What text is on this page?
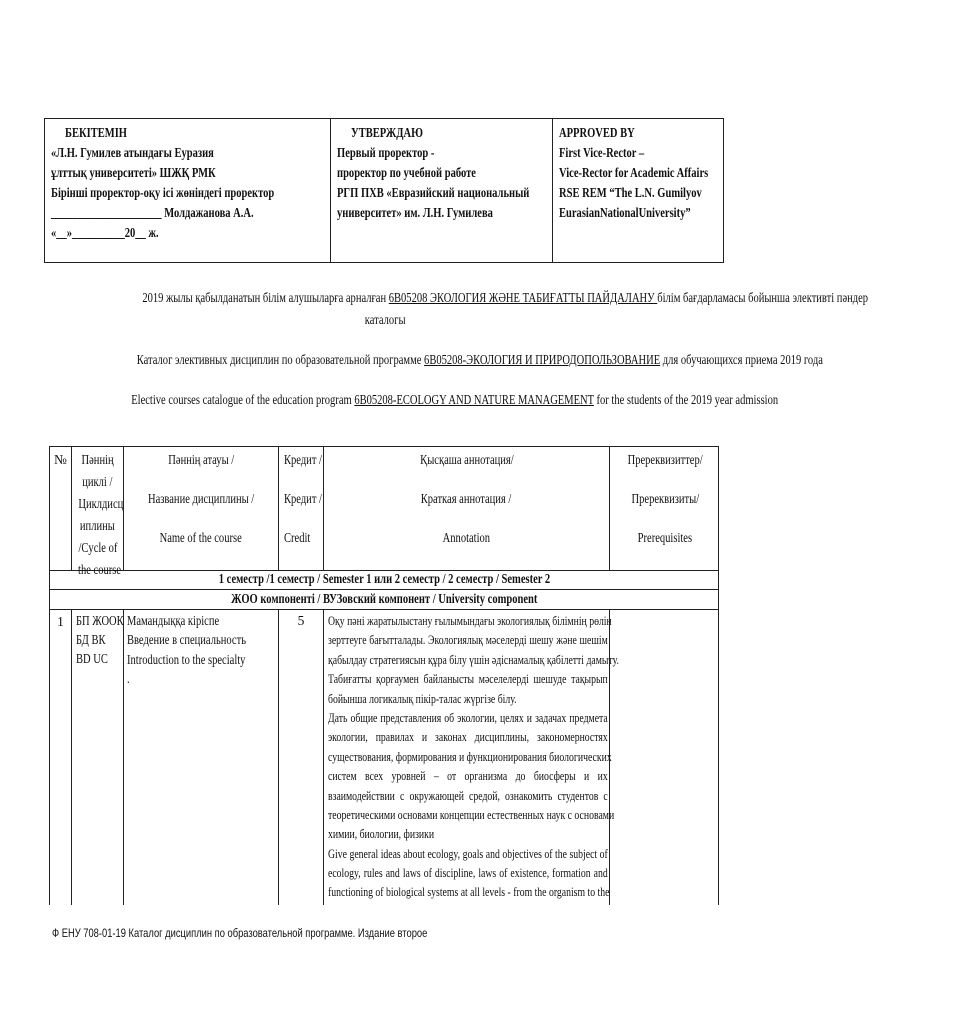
БЕКІТЕМІН
«Л.Н. Гумилев атындағы Еуразия
ұлттық университеті» ШЖҚ РМК
Бірінші проректор-оқу ісі жөніндегі проректор
_____________________ Молдажанова А.А.
«__»__________20__ ж.
УТВЕРЖДАЮ
Первый проректор -
проректор по учебной работе
РГП ПХВ «Евразийский национальный
университет» им. Л.Н. Гумилева
APPROVED BY
First Vice-Rector –
Vice-Rector for Academic Affairs
RSE REM “The L.N. Gumilyov
EurasianNationalUniversity”
2019 жылы қабылданатын білім алушыларға арналған 6В05208 ЭКОЛОГИЯ ЖӘНЕ ТАБИҒАТТЫ ПАЙДАЛАНУ білім бағдарламасы бойынша элективті пәндер
каталогы
Каталог элективных дисциплин по образовательной программе 6В05208-ЭКОЛОГИЯ И ПРИРОДОПОЛЬЗОВАНИЕ для обучающихся приема 2019 года
Elective courses catalogue of the education program 6В05208-ECOLOGY AND NATURE MANAGEMENT for the students of the 2019 year admission
№	Пәннің
циклі /
Циклдисц
иплины
/Cycle of
the course
Пәннің атауы /
Название дисциплины /
Name of the course
Кредит /
Кредит /
Credit
Қысқаша аннотация/
Краткая аннотация /
Annotation
Пререквизиттер/
Пререквизиты/
Prerequisites
1 семестр /1 семестр / Semester 1 или 2 семестр / 2 семестр / Semester 2
ЖОО компоненті / ВУЗовский компонент / University component
1 БП ЖООК
БД ВК
BD UC
Мамандыққа кіріспе
Введение в специальность
Introduction to the specialty
.
5	Оқу пәні жаратылыстану ғылымындағы экологиялық білімнің рөлін
зерттеуге бағытталады. Экологиялық мәселерді шешу және шешім
қабылдау стратегиясын құра білу үшін әдіснамалық қабілетті дамыту.
Табиғатты қорғаумен байланысты мәселелерді шешуде тақырып
бойынша логикалық пікір-талас жүргізе білу.
Дать общие представления об экологии, целях и задачах предмета
экологии, правилах и законах дисциплины, закономерностях
существования, формирования и функционирования биологических
систем всех уровней – от организма до биосферы и их
взаимодействии с окружающей средой, ознакомить студентов с
теоретическими основами концепции естественных наук с основами
химии, биологии, физики
Give general ideas about ecology, goals and objectives of the subject of
ecology, rules and laws of discipline, laws of existence, formation and
functioning of biological systems at all levels - from the organism to the
Ф ЕНУ 708-01-19 Каталог дисциплин по образовательной программе. Издание второе
